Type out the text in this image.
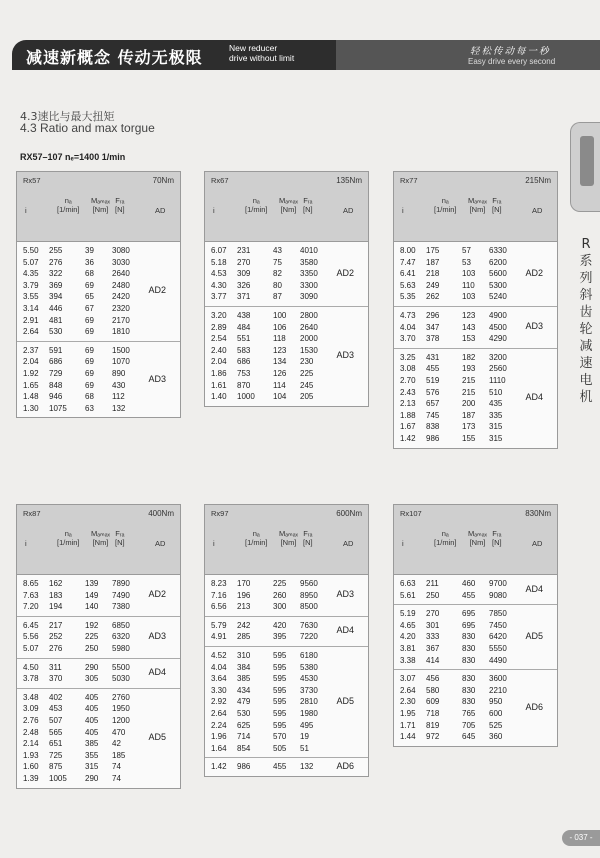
减速新概念 传动无极限	New reducer
drive without limit
轻松传动每一秒
Easy drive every second
4.3速比与最大扭矩
4.3 Ratio and max torgue
RX57–107 nₑ=1400 1/min
R系列斜齿轮减速电机
Rx57	70Nm
i
nₐ
[1/min]
Mₐₘₐₓ
[Nm]
Fᵣₐ
[N]	AD
5.50 255	39 3080
5.07 276	36 3030
4.35 322	68 2640
3.79 369	69 2480
3.55 394	65 2420
3.14 446	67 2320
2.91 481	69 2170
2.64 530	69 1810
AD2
2.37 591	69 1500
2.04 686	69 1070
1.92 729	69 890
1.65 848	69 430
1.48 946	68 112
1.30 1075 63 132
AD3
Rx67	135Nm
i
nₐ
[1/min]
Mₐₘₐₓ
[Nm]
Fᵣₐ
[N]	AD
6.07 231	43 4010
5.18 270	75 3580
4.53 309	82 3350
4.30 326	80 3300
3.77 371	87 3090
AD2
3.20 438	100 2800
2.89 484	106 2640
2.54 551	118 2000
2.40 583	123 1530
2.04 686	134 230
1.86 753	126 225
1.61 870	114 245
1.40 1000 104 205
AD3
Rx77	215Nm
i
nₐ
[1/min]
Mₐₘₐₓ
[Nm]
Fᵣₐ
[N]	AD
8.00 175	57 6330
7.47 187	53 6200
6.41 218	103 5600
5.63 249	110 5300
5.35 262	103 5240
AD2
4.73 296	123 4900
4.04 347	143 4500
3.70 378	153 4290
AD3
3.25 431	182 3200
3.08 455	193 2560
2.70 519	215 1110
2.43 576	215 510
2.13 657	200 435
1.88 745	187 335
1.67 838	173 315
1.42 986	155 315
AD4
Rx87	400Nm
i
nₐ
[1/min]
Mₐₘₐₓ
[Nm]
Fᵣₐ
[N]	AD
8.65 162	139 7890
7.63 183	149 7490
7.20 194	140 7380
AD2
6.45 217	192 6850
5.56 252	225 6320
5.07 276	250 5980
AD3
4.50 311	290 5500
3.78 370	305 5030
AD4
3.48 402	405 2760
3.09 453	405 1950
2.76 507	405 1200
2.48 565	405 470
2.14 651	385 42
1.93 725	355 185
1.60 875	315 74
1.39 1005 290 74
AD5
Rx97	600Nm
i
nₐ
[1/min]
Mₐₘₐₓ
[Nm]
Fᵣₐ
[N]	AD
8.23 170	225 9560
7.16 196	260 8950
6.56 213	300 8500
AD3
5.79 242	420 7630
4.91 285	395 7220
AD4
4.52 310	595 6180
4.04 384	595 5380
3.64 385	595 4530
3.30 434	595 3730
2.92 479	595 2810
2.64 530	595 1980
2.24 625	595 495
1.96 714	570 19
1.64 854	505 51
AD5
1.42 986	455 132	AD6
Rx107	830Nm
i
nₐ
[1/min]
Mₐₘₐₓ
[Nm]
Fᵣₐ
[N]	AD
6.63 211	460 9700
5.61 250	455 9080
AD4
5.19 270	695 7850
4.65 301	695 7450
4.20 333	830 6420
3.81 367	830 5550
3.38 414	830 4490
AD5
3.07 456	830 3600
2.64 580	830 2210
2.30 609	830 950
1.95 718	765 600
1.71 819	705 525
1.44 972	645 360
AD6
- 037 -
